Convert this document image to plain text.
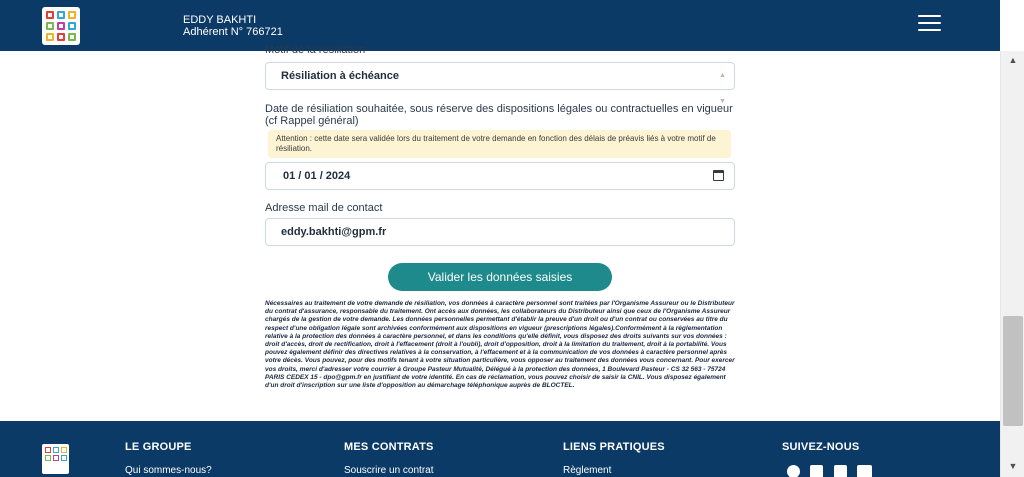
EDDY BAKHTI
Adhérent N° 766721
Motif de la résiliation
Résiliation à échéance	▲
▼
Date de résiliation souhaitée, sous réserve des dispositions légales ou contractuelles en vigueur (cf Rappel général)
Attention : cette date sera validée lors du traitement de votre demande en fonction des délais de préavis liés à votre motif de résiliation.
01 / 01 / 2024
Adresse mail de contact
eddy.bakhti@gpm.fr
Valider les données saisies
Nécessaires au traitement de votre demande de résiliation, vos données à caractère personnel sont traitées par l'Organisme Assureur ou le Distributeur du contrat d'assurance, responsable du traitement. Ont accès aux données, les collaborateurs du Distributeur ainsi que ceux de l'Organisme Assureur chargés de la gestion de votre demande. Les données personnelles permettant d'établir la preuve d'un droit ou d'un contrat ou conservées au titre du respect d'une obligation légale sont archivées conformément aux dispositions en vigueur (prescriptions légales).Conformément à la réglementation relative à la protection des données à caractère personnel, et dans les conditions qu'elle définit, vous disposez des droits suivants sur vos données : droit d'accès, droit de rectification, droit à l'effacement (droit à l'oubli), droit d'opposition, droit à la limitation du traitement, droit à la portabilité. Vous pouvez également définir des directives relatives à la conservation, à l'effacement et à la communication de vos données à caractère personnel après votre décès. Vous pouvez, pour des motifs tenant à votre situation particulière, vous opposer au traitement des données vous concernant. Pour exercer vos droits, merci d'adresser votre courrier à Groupe Pasteur Mutualité, Délégué à la protection des données, 1 Boulevard Pasteur - CS 32 563 - 75724 PARIS CEDEX 15 - dpo@gpm.fr en justifiant de votre identité. En cas de réclamation, vous pouvez choisir de saisir la CNIL. Vous disposez également d'un droit d'inscription sur une liste d'opposition au démarchage téléphonique auprès de BLOCTEL.
LE GROUPE
Qui sommes-nous?
MES CONTRATS
Souscrire un contrat
LIENS PRATIQUES
Règlement
SUIVEZ-NOUS
▲
▼
